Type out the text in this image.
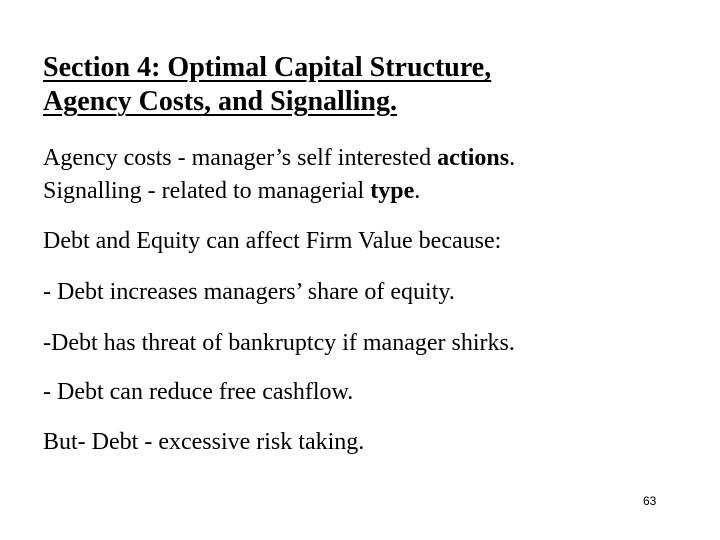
Section 4: Optimal Capital Structure,
Agency Costs, and Signalling.

Agency costs - manager’s self interested actions.

Signalling - related to managerial type.

Debt and Equity can affect Firm Value because:

- Debt increases managers’ share of equity.

-Debt has threat of bankruptcy if manager shirks.

- Debt can reduce free cashflow.

But- Debt - excessive risk taking.

63
